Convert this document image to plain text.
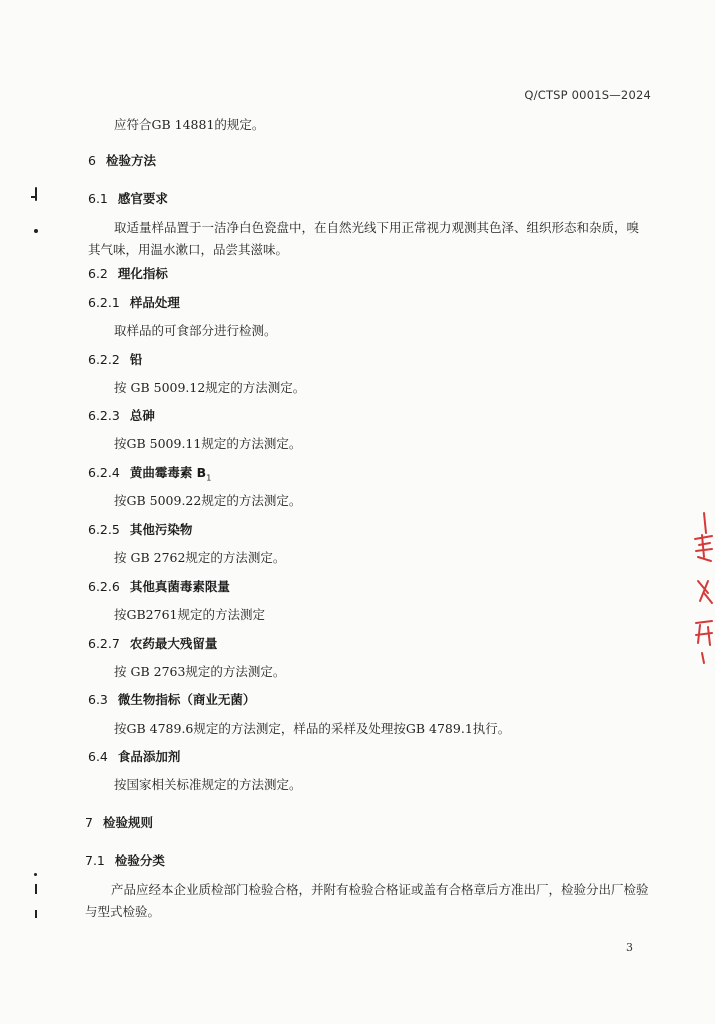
Q/CTSP 0001S—2024
应符合GB 14881的规定。
6 检验方法
6.1 感官要求
取适量样品置于一洁净白色瓷盘中，在自然光线下用正常视力观测其色泽、组织形态和杂质，嗅其气味，用温水漱口，品尝其滋味。
6.2 理化指标
6.2.1 样品处理
取样品的可食部分进行检测。
6.2.2 铅
按 GB 5009.12规定的方法测定。
6.2.3 总砷
按GB 5009.11规定的方法测定。
6.2.4 黄曲霉毒素 $B_1$
按GB 5009.22规定的方法测定。
6.2.5 其他污染物
按 GB 2762规定的方法测定。
6.2.6 其他真菌毒素限量
按GB2761规定的方法测定
6.2.7 农药最大残留量
按 GB 2763规定的方法测定。
6.3 微生物指标（商业无菌）
按GB 4789.6规定的方法测定，样品的采样及处理按GB 4789.1执行。
6.4 食品添加剂
按国家相关标准规定的方法测定。
7 检验规则
7.1 检验分类
产品应经本企业质检部门检验合格，并附有检验合格证或盖有合格章后方准出厂，检验分出厂检验与型式检验。
3
